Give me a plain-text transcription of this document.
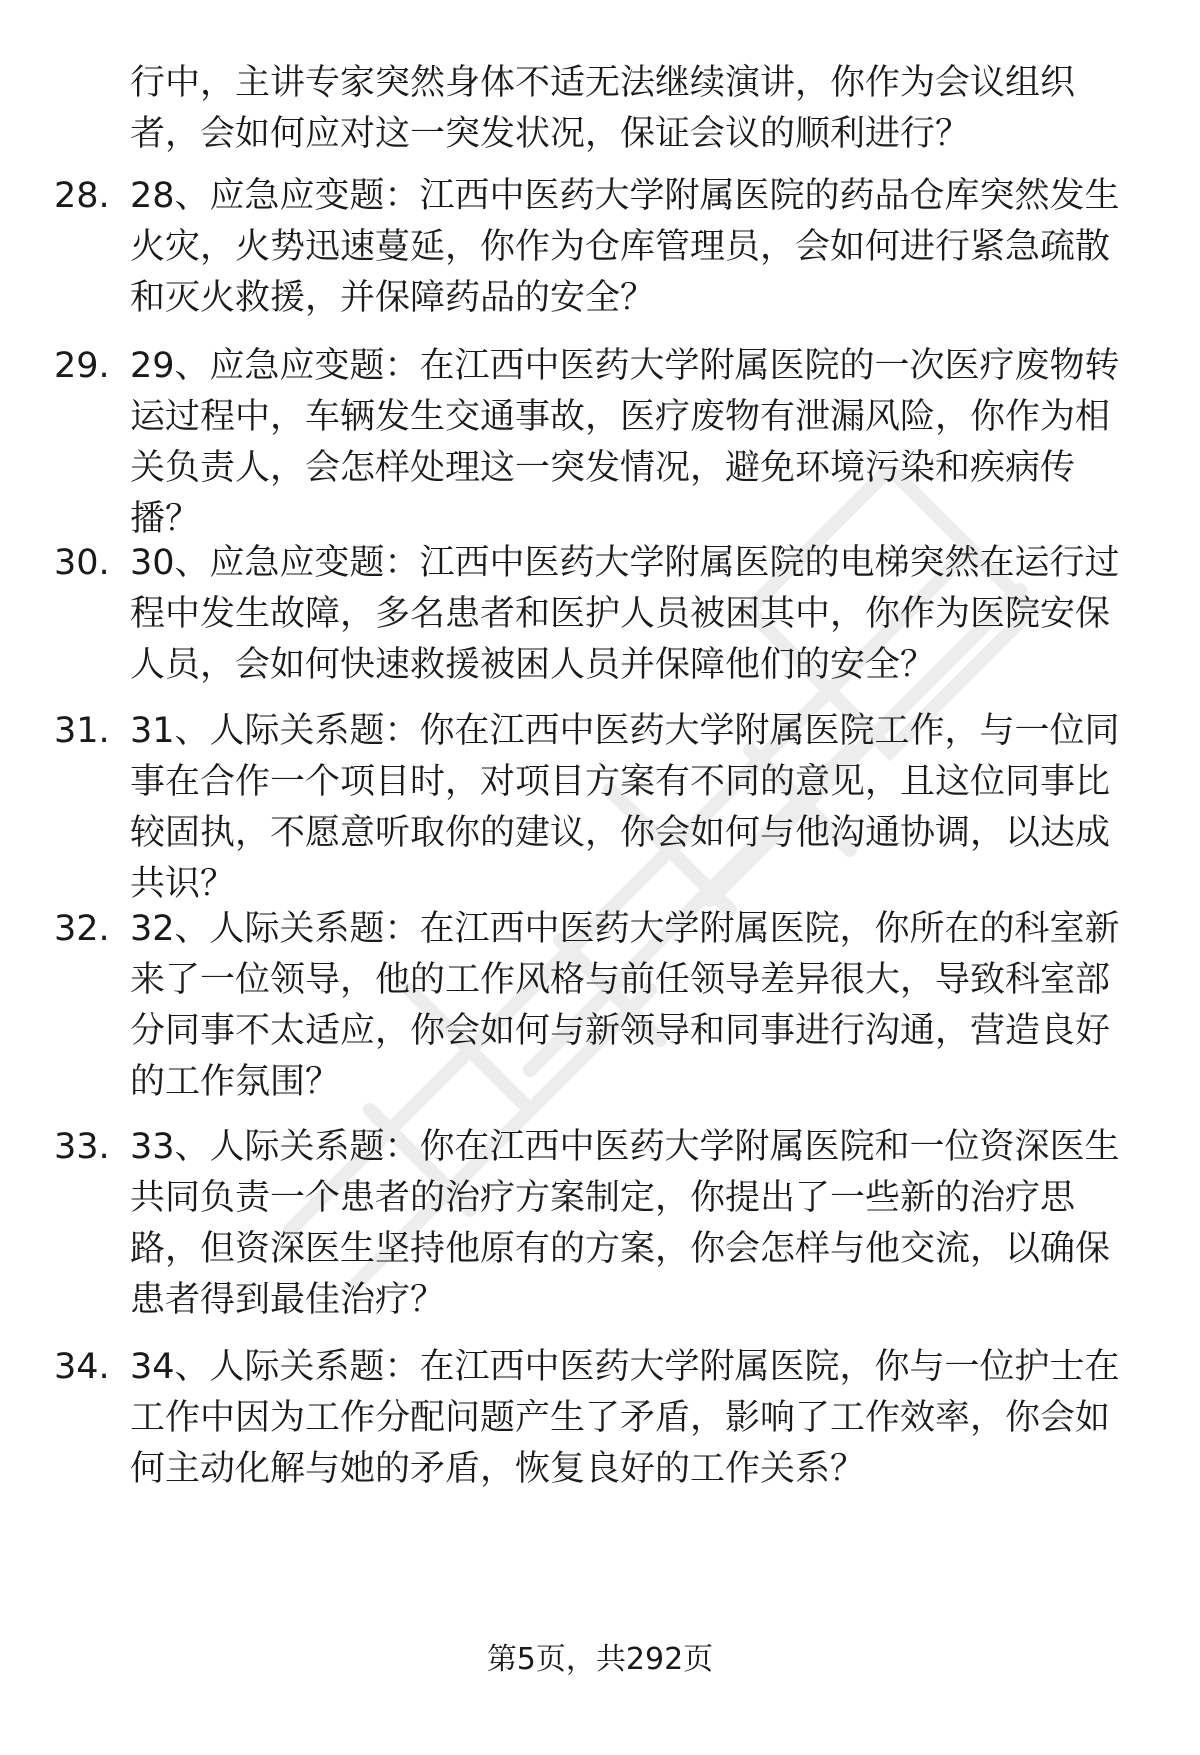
行中，主讲专家突然身体不适无法继续演讲，你作为会议组织者，会如何应对这一突发状况，保证会议的顺利进行？

28. 28、应急应变题：江西中医药大学附属医院的药品仓库突然发生火灾，火势迅速蔓延，你作为仓库管理员，会如何进行紧急疏散和灭火救援，并保障药品的安全？

29. 29、应急应变题：在江西中医药大学附属医院的一次医疗废物转运过程中，车辆发生交通事故，医疗废物有泄漏风险，你作为相关负责人，会怎样处理这一突发情况，避免环境污染和疾病传播？

30. 30、应急应变题：江西中医药大学附属医院的电梯突然在运行过程中发生故障，多名患者和医护人员被困其中，你作为医院安保人员，会如何快速救援被困人员并保障他们的安全？

31. 31、人际关系题：你在江西中医药大学附属医院工作，与一位同事在合作一个项目时，对项目方案有不同的意见，且这位同事比较固执，不愿意听取你的建议，你会如何与他沟通协调，以达成共识？

32. 32、人际关系题：在江西中医药大学附属医院，你所在的科室新来了一位领导，他的工作风格与前任领导差异很大，导致科室部分同事不太适应，你会如何与新领导和同事进行沟通，营造良好的工作氛围？

33. 33、人际关系题：你在江西中医药大学附属医院和一位资深医生共同负责一个患者的治疗方案制定，你提出了一些新的治疗思路，但资深医生坚持他原有的方案，你会怎样与他交流，以确保患者得到最佳治疗？

34. 34、人际关系题：在江西中医药大学附属医院，你与一位护士在工作中因为工作分配问题产生了矛盾，影响了工作效率，你会如何主动化解与她的矛盾，恢复良好的工作关系？

第5页，共292页
